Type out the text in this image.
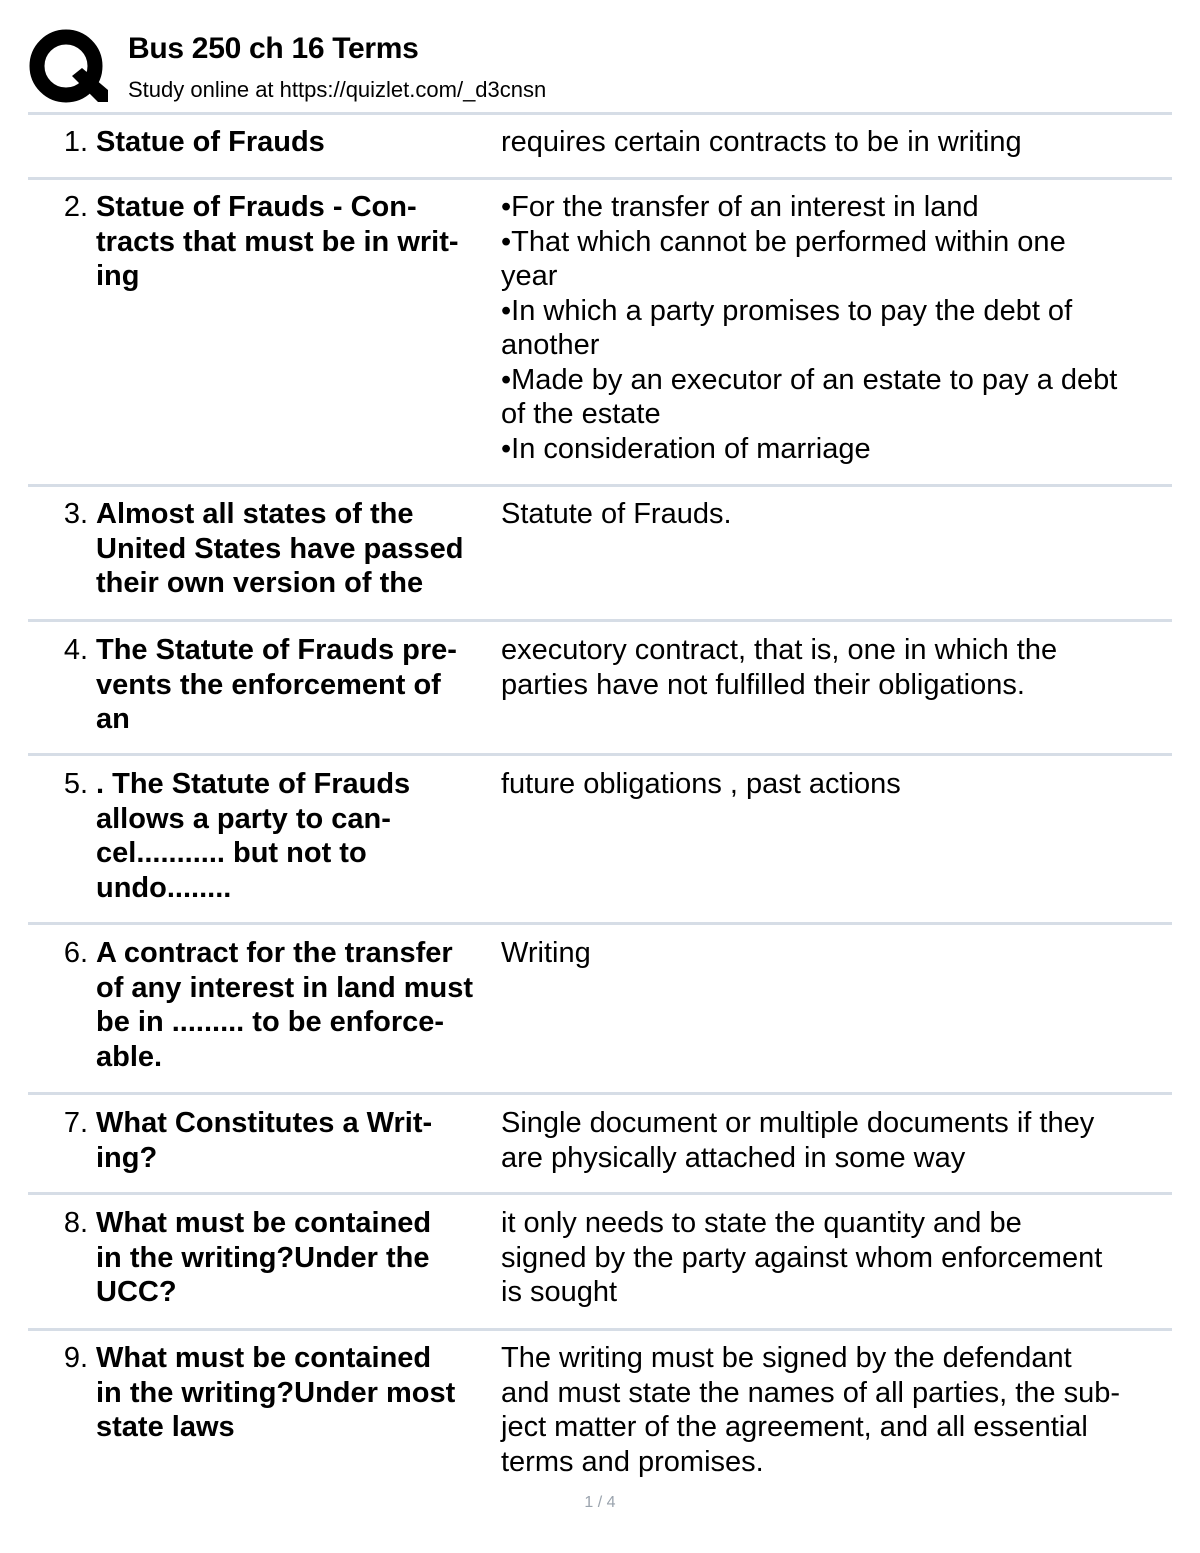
Bus 250 ch 16 Terms
Study online at https://quizlet.com/_d3cnsn
1. Statue of Frauds	requires certain contracts to be in writing
2. Statue of Frauds - Con-
tracts that must be in writ-
ing
•For the transfer of an interest in land
•That which cannot be performed within one
year
•In which a party promises to pay the debt of
another
•Made by an executor of an estate to pay a debt
of the estate
•In consideration of marriage
3. Almost all states of the
United States have passed
their own version of the
Statute of Frauds.
4. The Statute of Frauds pre-
vents the enforcement of
an
executory contract, that is, one in which the
parties have not fulfilled their obligations.
5. . The Statute of Frauds
allows a party to can-
cel........... but not to
undo........
future obligations , past actions
6. A contract for the transfer
of any interest in land must
be in ......... to be enforce-
able.
Writing
7. What Constitutes a Writ-
ing?
Single document or multiple documents if they
are physically attached in some way
8. What must be contained
in the writing?Under the
UCC?
it only needs to state the quantity and be
signed by the party against whom enforcement
is sought
9. What must be contained
in the writing?Under most
state laws
The writing must be signed by the defendant
and must state the names of all parties, the sub-
ject matter of the agreement, and all essential
terms and promises.
1 / 4
